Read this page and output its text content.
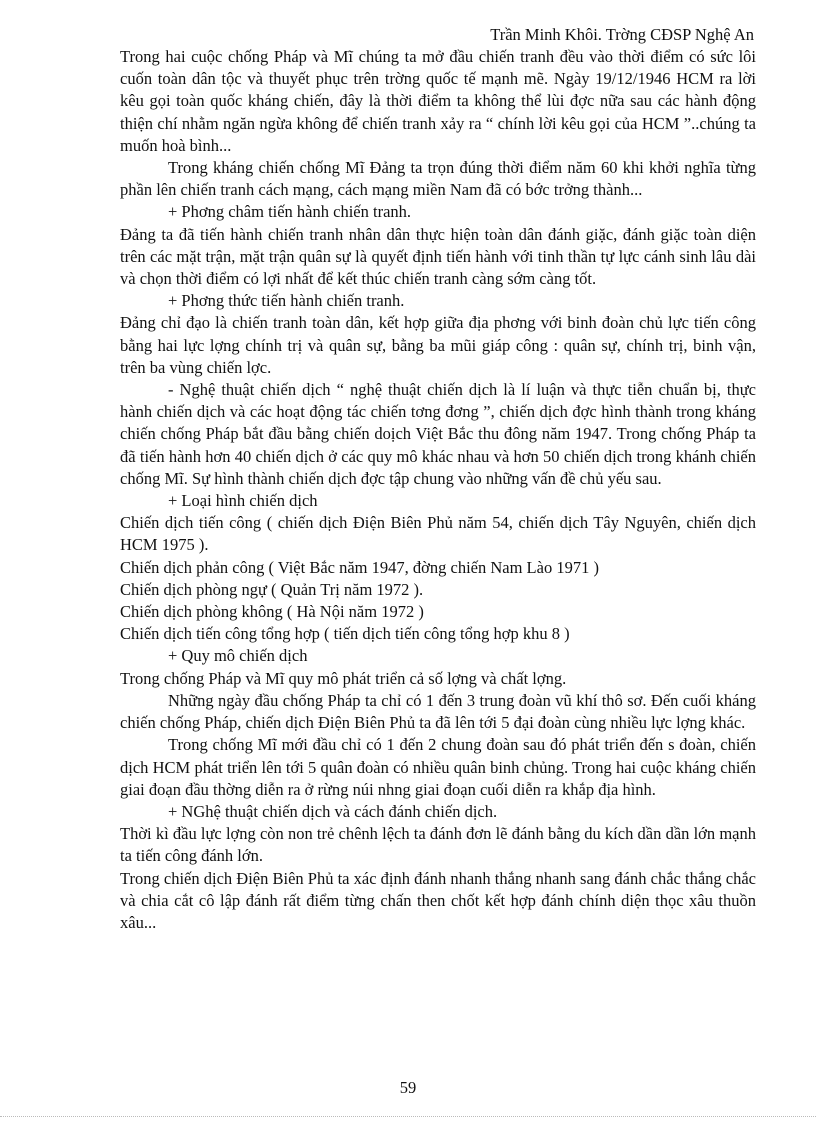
Trần Minh Khôi. Trờng CĐSP Nghệ An

Trong hai cuộc chống Pháp và Mĩ chúng ta mở đầu chiến tranh đều vào thời điểm có sức lôi cuốn toàn dân tộc và thuyết phục trên trờng quốc tế mạnh mẽ. Ngày 19/12/1946 HCM ra lời kêu gọi toàn quốc kháng chiến, đây là thời điểm ta không thể lùi đợc nữa sau các hành động thiện chí nhằm ngăn ngừa không để chiến tranh xảy ra “ chính lời kêu gọi của HCM ”..chúng ta muốn hoà bình...

Trong kháng chiến chống Mĩ Đảng ta trọn đúng thời điểm năm 60 khi khởi nghĩa từng phần lên chiến tranh cách mạng, cách mạng miền Nam đã có bớc trởng thành...

+ Phơng châm tiến hành chiến tranh.

Đảng ta đã tiến hành chiến tranh nhân dân thực hiện toàn dân đánh giặc, đánh giặc toàn diện trên các mặt trận, mặt trận quân sự là quyết định tiến hành với tinh thần tự lực cánh sinh lâu dài và chọn thời điểm có lợi nhất để kết thúc chiến tranh càng sớm càng tốt.

+ Phơng thức tiến hành chiến tranh.

Đảng chỉ đạo là chiến tranh toàn dân, kết hợp giữa địa phơng với binh đoàn chủ lực tiến công bằng hai lực lợng chính trị và quân sự, bằng ba mũi giáp công : quân sự, chính trị, binh vận, trên ba vùng chiến lợc.

- Nghệ thuật chiến dịch “ nghệ thuật chiến dịch là lí luận và thực tiễn chuẩn bị, thực hành chiến dịch và các hoạt động tác chiến tơng đơng ”, chiến dịch đợc hình thành trong kháng chiến chống Pháp bắt đầu bằng chiến doịch Việt Bắc thu đông năm 1947. Trong chống Pháp ta đã tiến hành hơn 40 chiến dịch ở các quy mô khác nhau và hơn 50 chiến dịch trong khánh chiến chống Mĩ. Sự hình thành chiến dịch đợc tập chung vào những vấn đề chủ yếu sau.

+ Loại hình chiến dịch

Chiến dịch tiến công ( chiến dịch Điện Biên Phủ năm 54, chiến dịch Tây Nguyên, chiến dịch HCM 1975 ).

Chiến dịch phản công ( Việt Bắc năm 1947, đờng chiến Nam Lào 1971 )

Chiến dịch phòng ngự ( Quản Trị năm 1972 ).

Chiến dịch phòng không ( Hà Nội năm 1972 )

Chiến dịch tiến công tổng hợp ( tiến dịch tiến công tổng hợp khu 8 )

+ Quy mô chiến dịch

Trong chống Pháp và Mĩ quy mô phát triển cả số lợng và chất lợng.

Những ngày đầu chống Pháp ta chỉ có 1 đến 3 trung đoàn vũ khí thô sơ. Đến cuối kháng chiến chống Pháp, chiến dịch Điện Biên Phủ ta đã lên tới 5 đại đoàn cùng nhiều lực lợng khác.

Trong chống Mĩ mới đầu chỉ có 1 đến 2 chung đoàn sau đó phát triển đến s đoàn, chiến dịch HCM phát triển lên tới 5 quân đoàn có nhiều quân binh chủng. Trong hai cuộc kháng chiến giai đoạn đầu thờng diễn ra ở rừng núi nhng giai đoạn cuối diễn ra khắp địa hình.

+ NGhệ thuật chiến dịch và cách đánh chiến dịch.

Thời kì đầu lực lợng còn non trẻ chênh lệch ta đánh đơn lẽ đánh bằng du kích dần dần lớn mạnh ta tiến công đánh lớn.

Trong chiến dịch Điện Biên Phủ ta xác định đánh nhanh thắng nhanh sang đánh chắc thắng chắc và chia cắt cô lập đánh rất điểm từng chấn then chốt kết hợp đánh chính diện thọc xâu thuồn xâu...

59
